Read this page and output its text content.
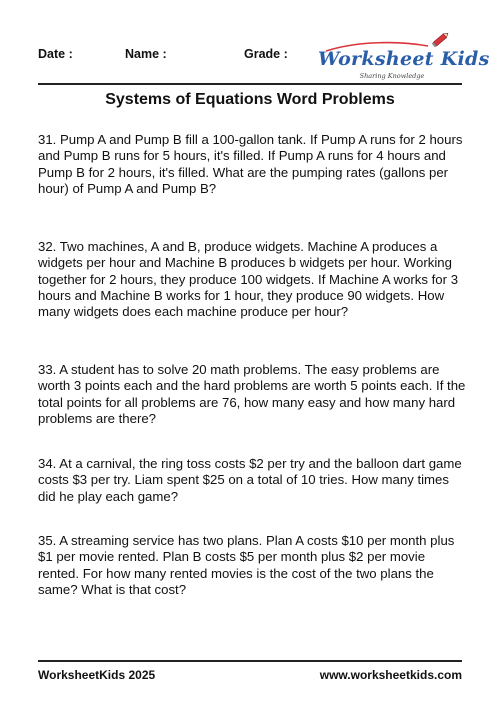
Date :	Name :	Grade : Worksheet Kids
Sharing Knowledge
Systems of Equations Word Problems
31. Pump A and Pump B fill a 100-gallon tank. If Pump A runs for 2 hours and Pump B runs for 5 hours, it's filled. If Pump A runs for 4 hours and Pump B for 2 hours, it's filled. What are the pumping rates (gallons per hour) of Pump A and Pump B?
32. Two machines, A and B, produce widgets. Machine A produces a widgets per hour and Machine B produces b widgets per hour. Working together for 2 hours, they produce 100 widgets. If Machine A works for 3 hours and Machine B works for 1 hour, they produce 90 widgets. How many widgets does each machine produce per hour?
33. A student has to solve 20 math problems. The easy problems are worth 3 points each and the hard problems are worth 5 points each. If the total points for all problems are 76, how many easy and how many hard problems are there?
34. At a carnival, the ring toss costs $2 per try and the balloon dart game costs $3 per try. Liam spent $25 on a total of 10 tries. How many times did he play each game?
35. A streaming service has two plans. Plan A costs $10 per month plus $1 per movie rented. Plan B costs $5 per month plus $2 per movie rented. For how many rented movies is the cost of the two plans the same? What is that cost?
WorksheetKids 2025	www.worksheetkids.com
